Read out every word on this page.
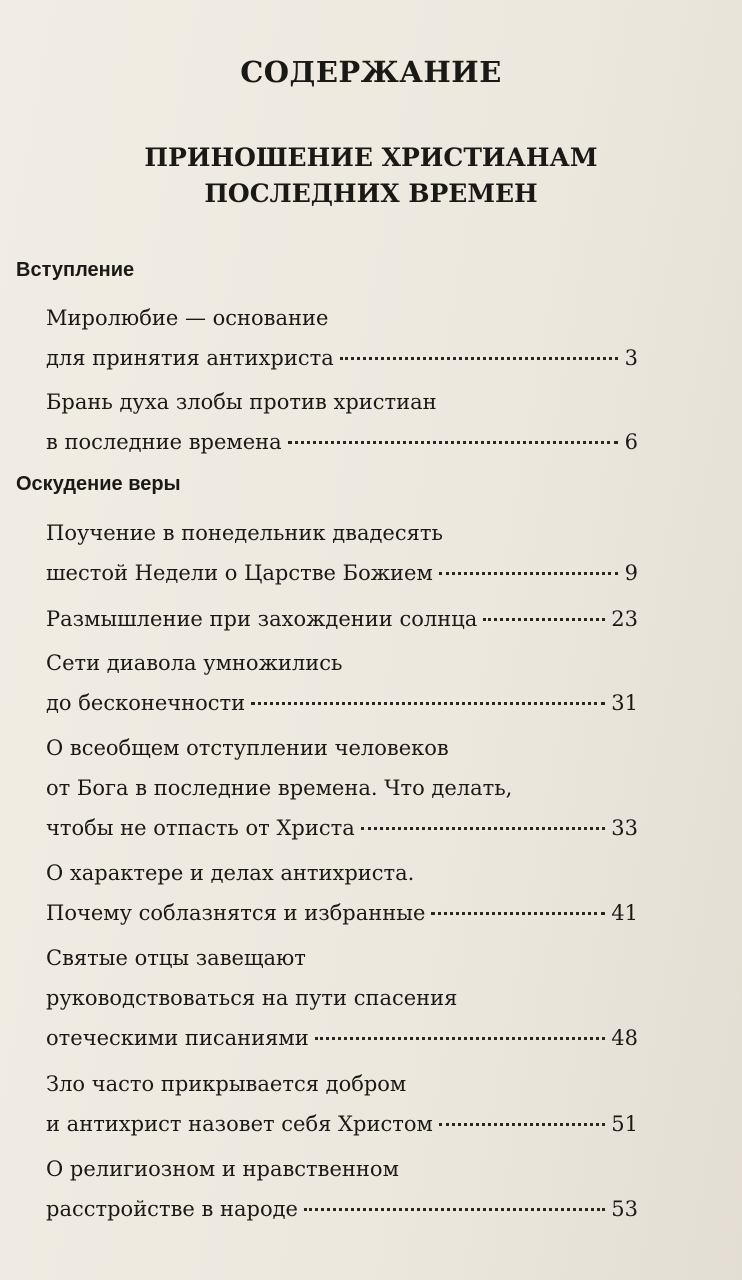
СОДЕРЖАНИЕ
ПРИНОШЕНИЕ ХРИСТИАНАМ
ПОСЛЕДНИХ ВРЕМЕН
Вступление
Миролюбие — основание
для принятия антихриста	3
Брань духа злобы против христиан
в последние времена	6
Оскудение веры
Поучение в понедельник двадесять
шестой Недели о Царстве Божием	9
Размышление при захождении солнца	23
Сети диавола умножились
до бесконечности	31
О всеобщем отступлении человеков
от Бога в последние времена. Что делать,
чтобы не отпасть от Христа	33
О характере и делах антихриста.
Почему соблазнятся и избранные	41
Святые отцы завещают
руководствоваться на пути спасения
отеческими писаниями	48
Зло часто прикрывается добром
и антихрист назовет себя Христом	51
О религиозном и нравственном
расстройстве в народе	53
